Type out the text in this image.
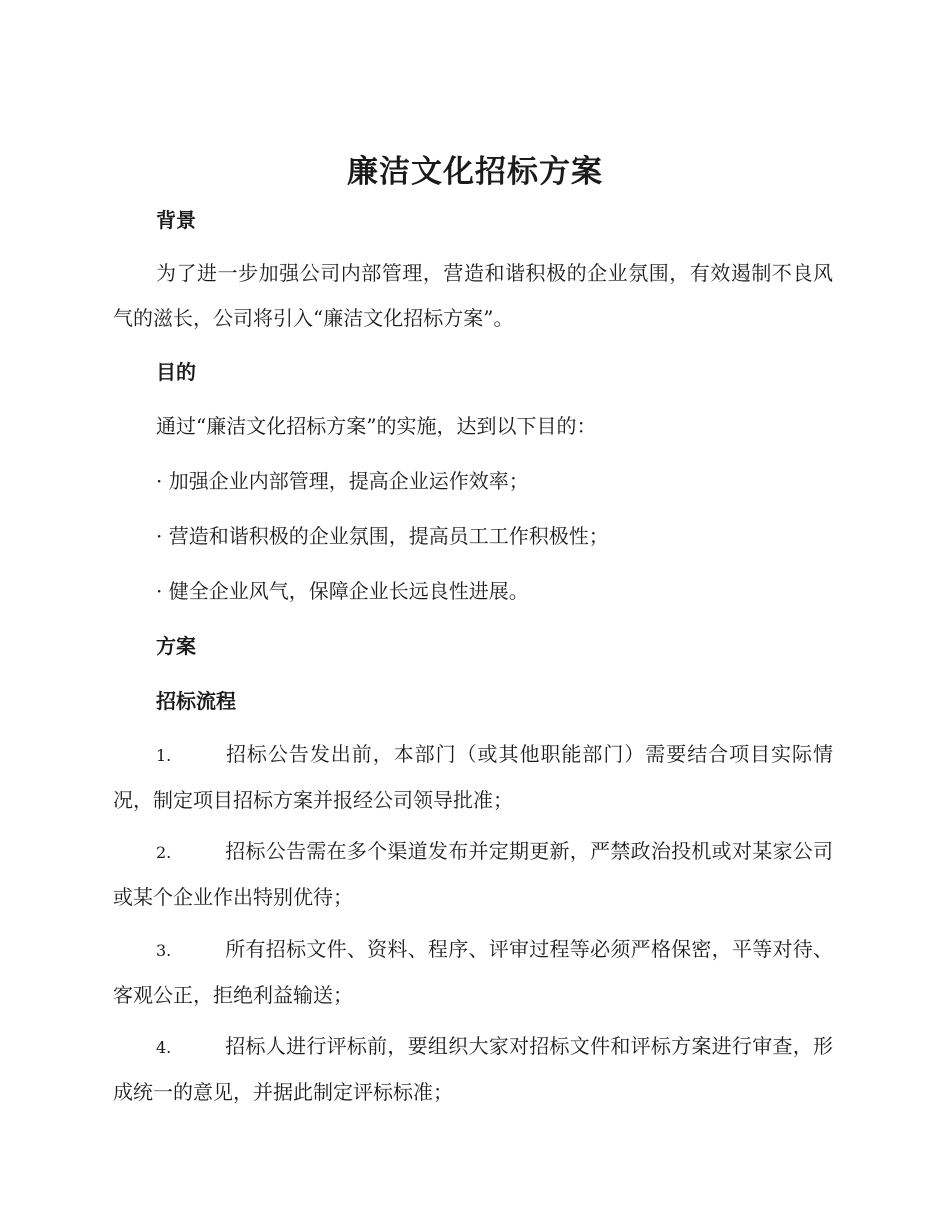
廉洁文化招标方案
背景
为了进一步加强公司内部管理，营造和谐积极的企业氛围，有效遏制不良风气的滋长，公司将引入“廉洁文化招标方案”。
目的
通过“廉洁文化招标方案”的实施，达到以下目的：
· 加强企业内部管理，提高企业运作效率；
· 营造和谐积极的企业氛围，提高员工工作积极性；
· 健全企业风气，保障企业长远良性进展。
方案
招标流程
1.	招标公告发出前，本部门（或其他职能部门）需要结合项目实际情况，制定项目招标方案并报经公司领导批准；
2.	招标公告需在多个渠道发布并定期更新，严禁政治投机或对某家公司或某个企业作出特别优待；
3.	所有招标文件、资料、程序、评审过程等必须严格保密，平等对待、客观公正，拒绝利益输送；
4.	招标人进行评标前，要组织大家对招标文件和评标方案进行审查，形成统一的意见，并据此制定评标标准；
